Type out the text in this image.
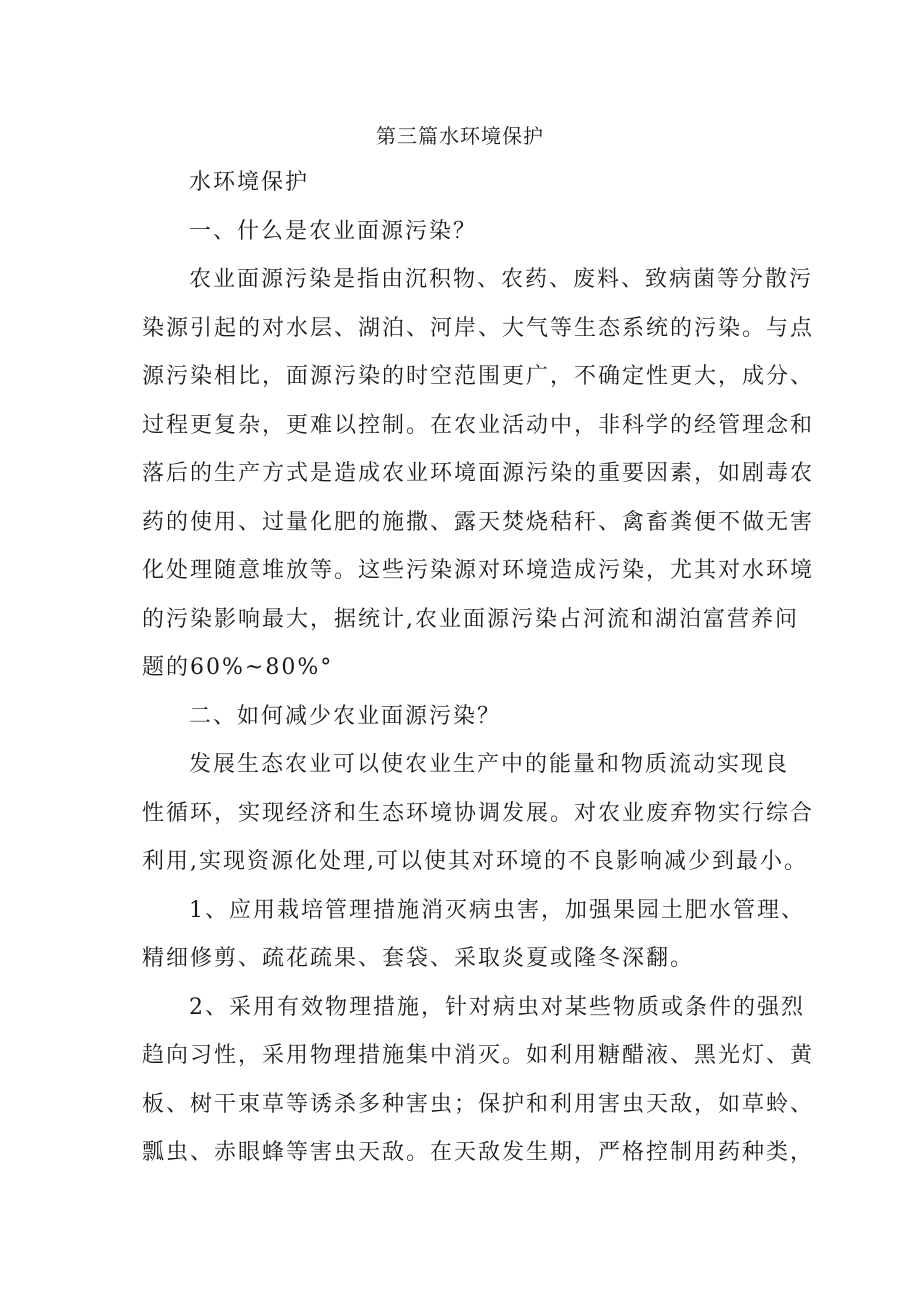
第三篇水环境保护
水环境保护
一、什么是农业面源污染？
农业面源污染是指由沉积物、农药、废料、致病菌等分散污
染源引起的对水层、湖泊、河岸、大气等生态系统的污染。与点
源污染相比，面源污染的时空范围更广，不确定性更大，成分、
过程更复杂，更难以控制。在农业活动中，非科学的经管理念和
落后的生产方式是造成农业环境面源污染的重要因素，如剧毒农
药的使用、过量化肥的施撒、露天焚烧秸秆、禽畜粪便不做无害
化处理随意堆放等。这些污染源对环境造成污染，尤其对水环境
的污染影响最大，据统计,农业面源污染占河流和湖泊富营养问
题的60%~80%°
二、如何减少农业面源污染？
发展生态农业可以使农业生产中的能量和物质流动实现良
性循环，实现经济和生态环境协调发展。对农业废弃物实行综合
利用,实现资源化处理,可以使其对环境的不良影响减少到最小。
1、应用栽培管理措施消灭病虫害，加强果园土肥水管理、
精细修剪、疏花疏果、套袋、采取炎夏或隆冬深翻。
2、采用有效物理措施，针对病虫对某些物质或条件的强烈
趋向习性，采用物理措施集中消灭。如利用糖醋液、黑光灯、黄
板、树干束草等诱杀多种害虫；保护和利用害虫天敌，如草蛉、
瓢虫、赤眼蜂等害虫天敌。在天敌发生期，严格控制用药种类，
